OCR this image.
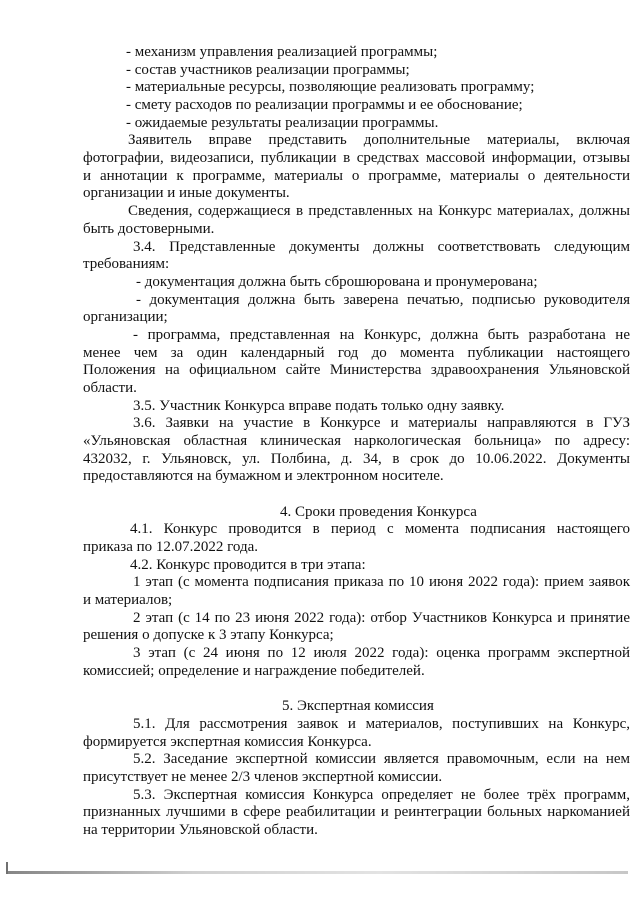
- механизм управления реализацией программы;
- состав участников реализации программы;
- материальные ресурсы, позволяющие реализовать программу;
- смету расходов по реализации программы и ее обоснование;
- ожидаемые результаты реализации программы.
Заявитель вправе представить дополнительные материалы, включая
фотографии, видеозаписи, публикации в средствах массовой информации, отзывы
и аннотации к программе, материалы о программе, материалы о деятельности
организации и иные документы.
Сведения, содержащиеся в представленных на Конкурс материалах, должны
быть достоверными.
3.4. Представленные документы должны соответствовать следующим
требованиям:
- документация должна быть сброшюрована и пронумерована;
- документация должна быть заверена печатью, подписью руководителя
организации;
- программа, представленная на Конкурс, должна быть разработана не
менее чем за один календарный год до момента публикации настоящего
Положения на официальном сайте Министерства здравоохранения Ульяновской
области.
3.5. Участник Конкурса вправе подать только одну заявку.
3.6. Заявки на участие в Конкурсе и материалы направляются в ГУЗ
«Ульяновская областная клиническая наркологическая больница» по адресу:
432032, г. Ульяновск, ул. Полбина, д. 34, в срок до 10.06.2022. Документы
предоставляются на бумажном и электронном носителе.
4. Сроки проведения Конкурса
4.1. Конкурс проводится в период с момента подписания настоящего
приказа по 12.07.2022 года.
4.2. Конкурс проводится в три этапа:
1 этап (с момента подписания приказа по 10 июня 2022 года): прием заявок
и материалов;
2 этап (с 14 по 23 июня 2022 года): отбор Участников Конкурса и принятие
решения о допуске к 3 этапу Конкурса;
3 этап (с 24 июня по 12 июля 2022 года): оценка программ экспертной
комиссией; определение и награждение победителей.
5. Экспертная комиссия
5.1. Для рассмотрения заявок и материалов, поступивших на Конкурс,
формируется экспертная комиссия Конкурса.
5.2. Заседание экспертной комиссии является правомочным, если на нем
присутствует не менее 2/3 членов экспертной комиссии.
5.3. Экспертная комиссия Конкурса определяет не более трёх программ,
признанных лучшими в сфере реабилитации и реинтеграции больных наркоманией
на территории Ульяновской области.
